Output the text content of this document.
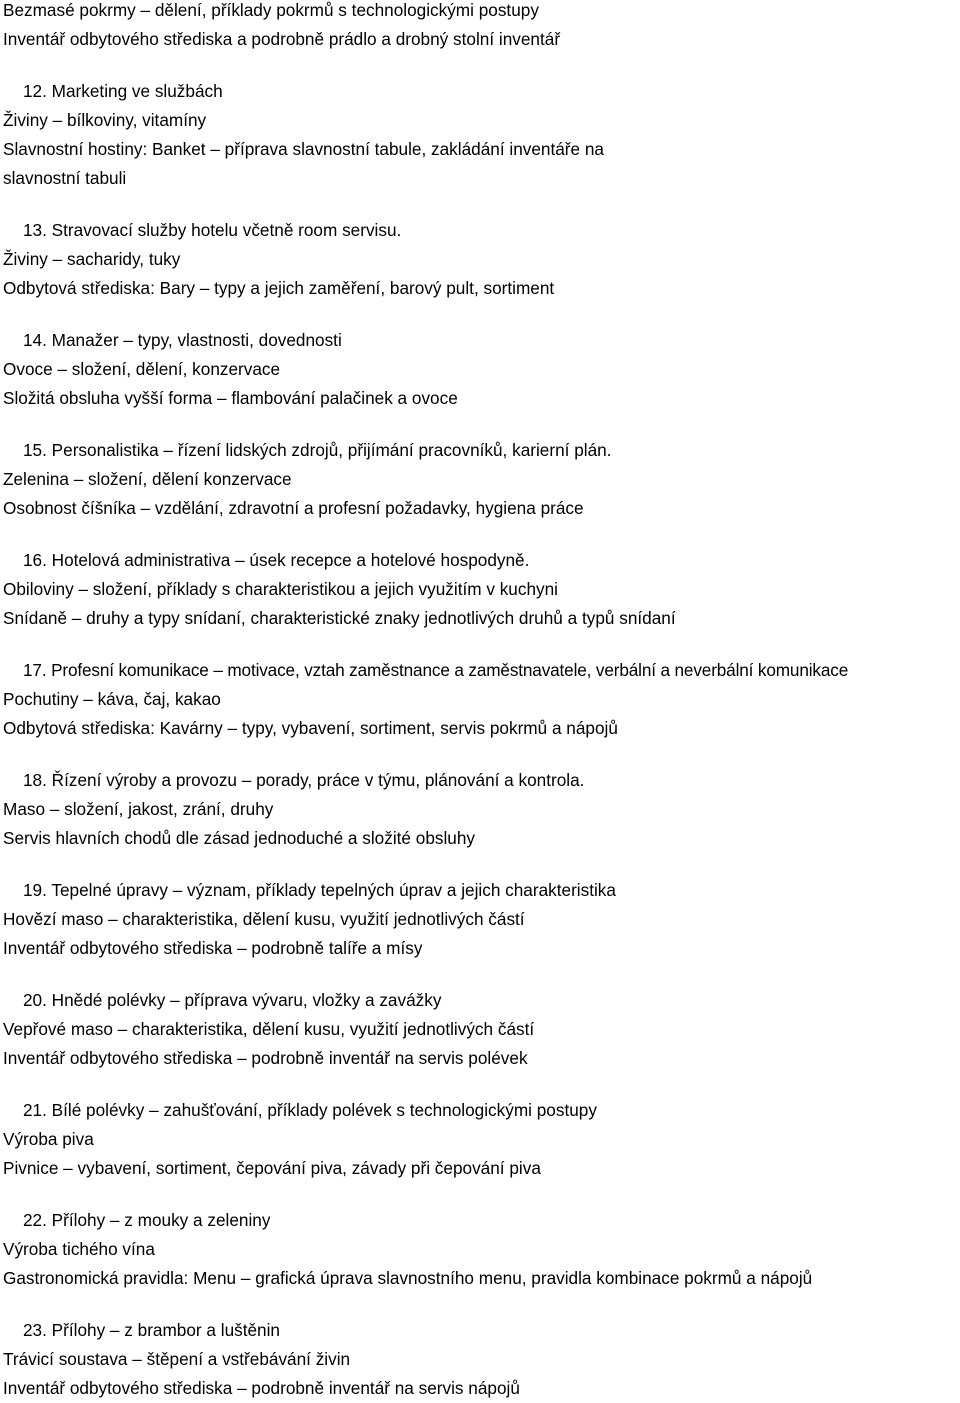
Bezmasé pokrmy – dělení, příklady pokrmů s technologickými postupy

Inventář odbytového střediska a podrobně prádlo a drobný stolní inventář

12. Marketing ve službách

Živiny – bílkoviny, vitamíny

Slavnostní hostiny: Banket – příprava slavnostní tabule, zakládání inventáře na slavnostní tabuli

13. Stravovací služby hotelu včetně room servisu.

Živiny – sacharidy, tuky

Odbytová střediska: Bary – typy a jejich zaměření, barový pult, sortiment

14. Manažer – typy, vlastnosti, dovednosti

Ovoce – složení, dělení, konzervace

Složitá obsluha vyšší forma – flambování palačinek a ovoce

15. Personalistika – řízení lidských zdrojů, přijímání pracovníků, karierní plán.

Zelenina – složení, dělení konzervace

Osobnost číšníka – vzdělání, zdravotní a profesní požadavky, hygiena práce

16. Hotelová administrativa – úsek recepce a hotelové hospodyně.

Obiloviny – složení, příklady s charakteristikou a jejich využitím v kuchyni

Snídaně – druhy a typy snídaní, charakteristické znaky jednotlivých druhů a typů snídaní

17. Profesní komunikace – motivace, vztah zaměstnance a zaměstnavatele, verbální a neverbální komunikace

Pochutiny – káva, čaj, kakao

Odbytová střediska: Kavárny – typy, vybavení, sortiment, servis pokrmů a nápojů

18. Řízení výroby a provozu – porady, práce v týmu, plánování a kontrola.

Maso – složení, jakost, zrání, druhy

Servis hlavních chodů dle zásad jednoduché a složité obsluhy

19. Tepelné úpravy – význam, příklady tepelných úprav a jejich charakteristika

Hovězí maso – charakteristika, dělení kusu, využití jednotlivých částí

Inventář odbytového střediska – podrobně talíře a mísy

20. Hnědé polévky – příprava vývaru, vložky a zavážky

Vepřové maso – charakteristika, dělení kusu, využití jednotlivých částí

Inventář odbytového střediska – podrobně inventář na servis polévek

21. Bílé polévky – zahušťování, příklady polévek s technologickými postupy

Výroba piva

Pivnice – vybavení, sortiment, čepování piva, závady při čepování piva

22. Přílohy – z mouky a zeleniny

Výroba tichého vína

Gastronomická pravidla: Menu – grafická úprava slavnostního menu, pravidla kombinace pokrmů a nápojů

23. Přílohy – z brambor a luštěnin

Trávicí soustava – štěpení a vstřebávání živin

Inventář odbytového střediska – podrobně inventář na servis nápojů
